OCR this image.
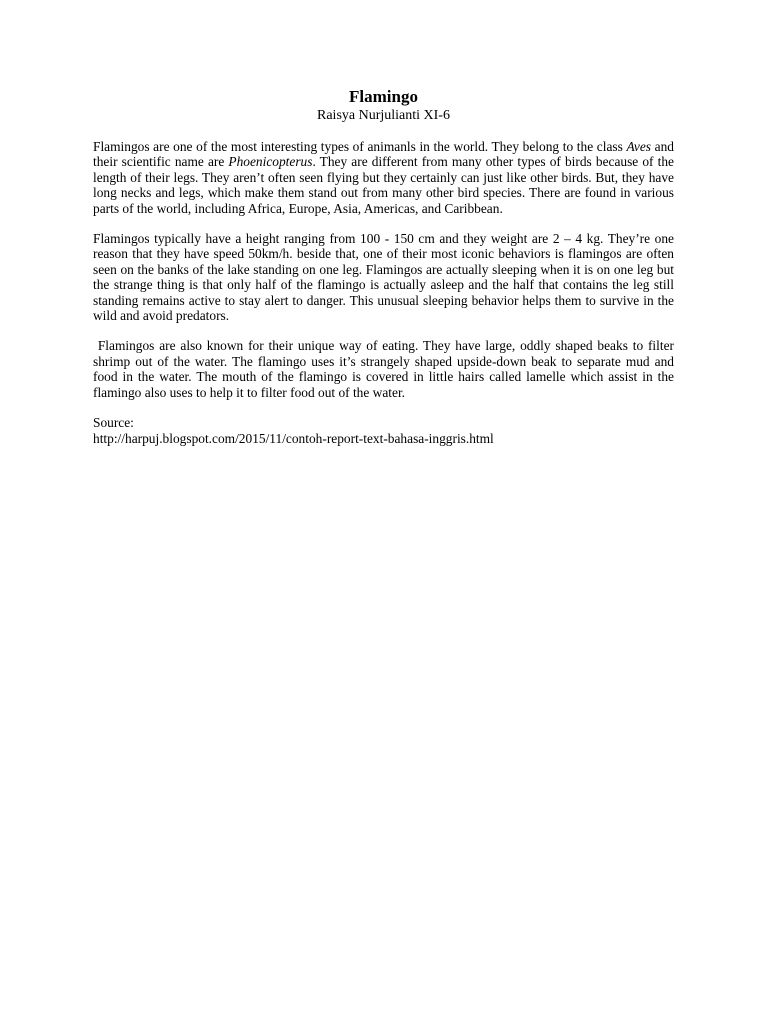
Flamingo

Raisya Nurjulianti XI-6

Flamingos are one of the most interesting types of animanls in the world. They belong to the class Aves and their scientific name are Phoenicopterus. They are different from many other types of birds because of the length of their legs. They aren’t often seen flying but they certainly can just like other birds. But, they have long necks and legs, which make them stand out from many other bird species. There are found in various parts of the world, including Africa, Europe, Asia, Americas, and Caribbean.

Flamingos typically have a height ranging from 100 - 150 cm and they weight are 2 – 4 kg. They’re one reason that they have speed 50km/h. beside that, one of their most iconic behaviors is flamingos are often seen on the banks of the lake standing on one leg. Flamingos are actually sleeping when it is on one leg but the strange thing is that only half of the flamingo is actually asleep and the half that contains the leg still standing remains active to stay alert to danger. This unusual sleeping behavior helps them to survive in the wild and avoid predators.

Flamingos are also known for their unique way of eating. They have large, oddly shaped beaks to filter shrimp out of the water. The flamingo uses it’s strangely shaped upside-down beak to separate mud and food in the water. The mouth of the flamingo is covered in little hairs called lamelle which assist in the flamingo also uses to help it to filter food out of the water.

Source:

http://harpuj.blogspot.com/2015/11/contoh-report-text-bahasa-inggris.html
